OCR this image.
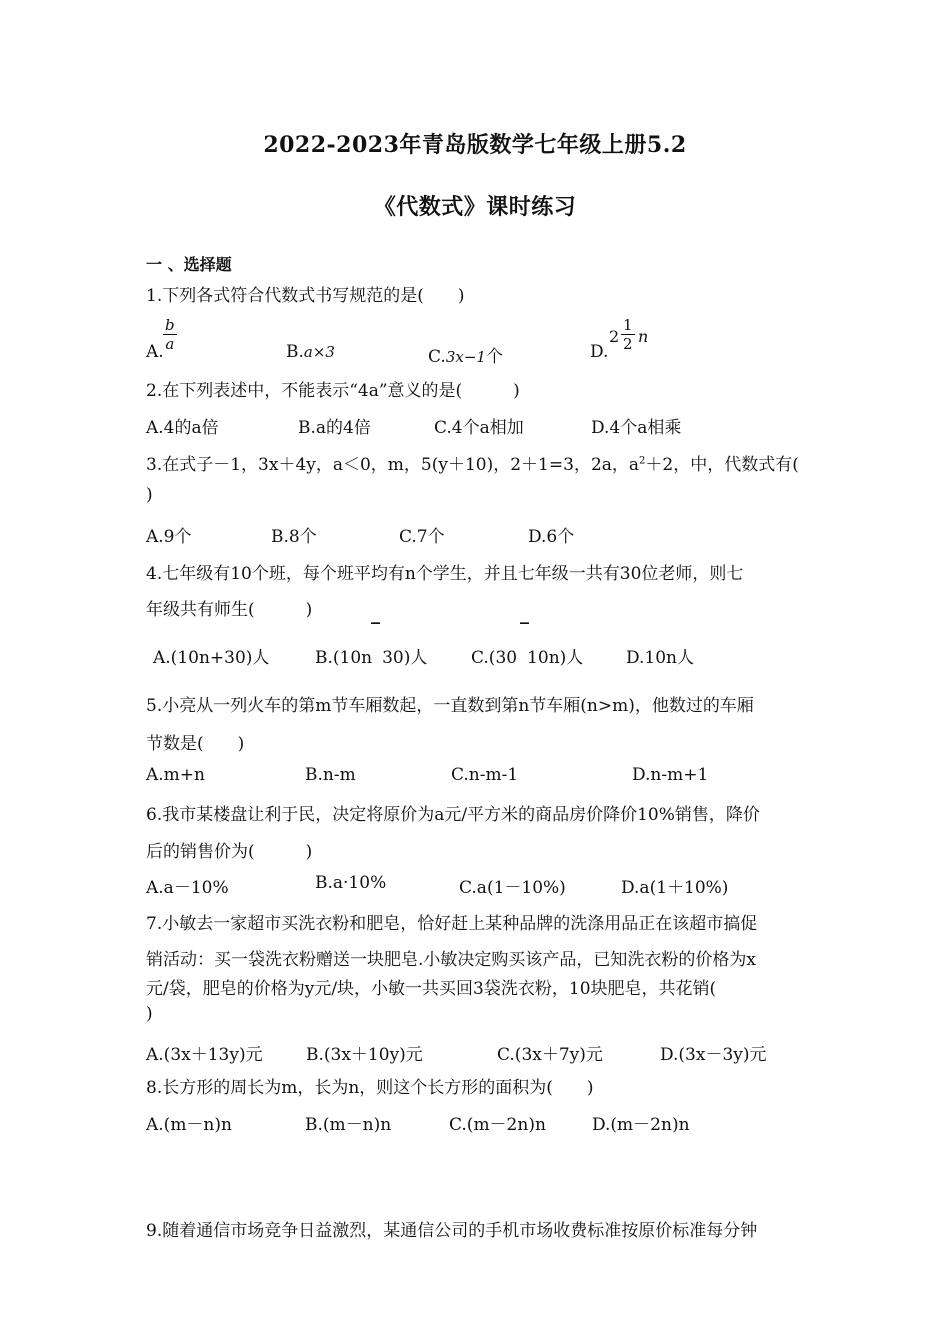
2022-2023年青岛版数学七年级上册5.2
《代数式》课时练习
一 、选择题
1.下列各式符合代数式书写规范的是(　　)
A. $\frac{b}{a}$	B.a×3	C.3x−1个	D.
$2 \frac{1}{2}$ n
2.在下列表述中，不能表示“4a”意义的是(　　　)
A.4的a倍	B.a的4倍	C.4个a相加	D.4个a相乘
3.在式子－1，3x＋4y，a＜0，m，5(y＋10)，2＋1=3，2a，$a^2+2$，中，代数式有(
)
A.9个	B.8个	C.7个	D.6个
4.七年级有10个班，每个班平均有n个学生，并且七年级一共有30位老师，则七
年级共有师生(　　　)
A.(10n+30)人	B.(10n 30)人
‾
C.(30 10n)人
‾
D.10n人
5.小亮从一列火车的第m节车厢数起，一直数到第n节车厢(n>m)，他数过的车厢
节数是(　　)
A.m+n	B.n-m	C.n-m-1	D.n-m+1
6.我市某楼盘让利于民，决定将原价为a元/平方米的商品房价降价10%销售，降价
后的销售价为(　　　)
A.a－10%	B.a·10%	C.a(1－10%)	D.a(1＋10%)
7.小敏去一家超市买洗衣粉和肥皂，恰好赶上某种品牌的洗涤用品正在该超市搞促
销活动：买一袋洗衣粉赠送一块肥皂.小敏决定购买该产品，已知洗衣粉的价格为x
元/袋，肥皂的价格为y元/块，小敏一共买回3袋洗衣粉，10块肥皂，共花销(
)
A.(3x＋13y)元	B.(3x＋10y)元	C.(3x＋7y)元	D.(3x－3y)元
8.长方形的周长为m，长为n，则这个长方形的面积为(　　)
A.(m－n)n	B.(m－n)n	C.(m－2n)n	D.(m－2n)n
9.随着通信市场竞争日益激烈，某通信公司的手机市场收费标准按原价标准每分钟
